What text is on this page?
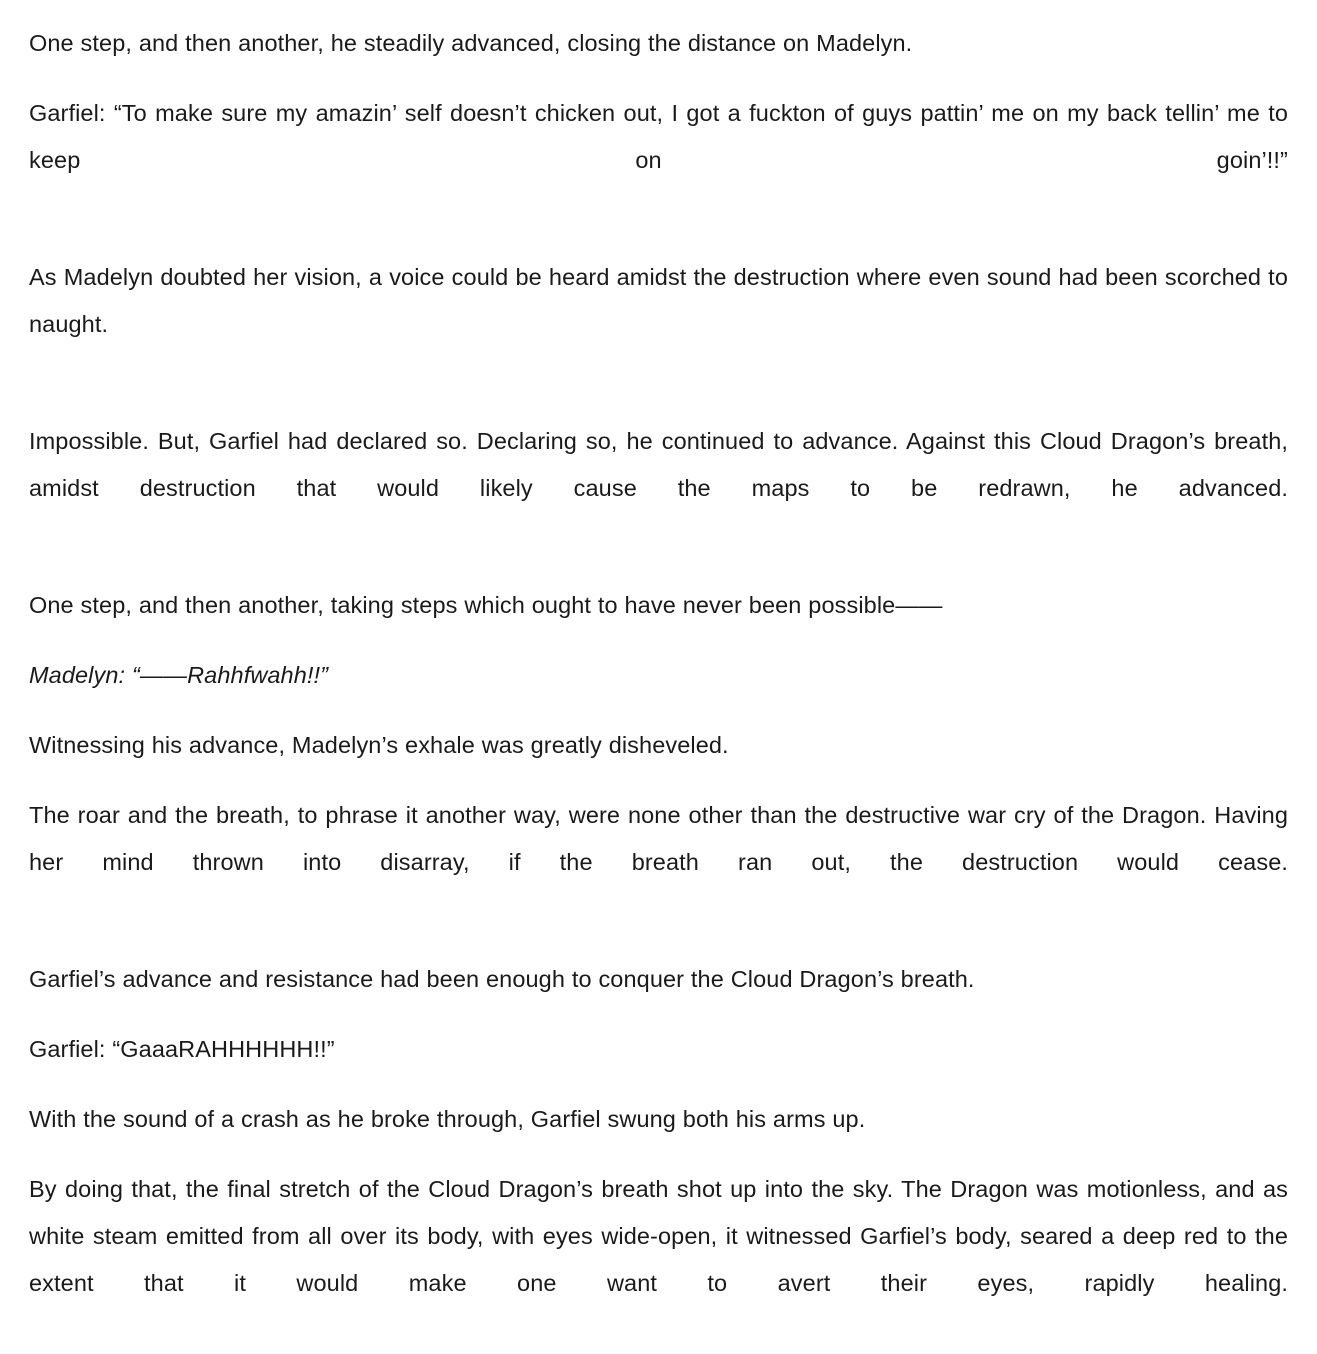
One step, and then another, he steadily advanced, closing the distance on Madelyn.

Garfiel: “To make sure my amazin’ self doesn’t chicken out, I got a fuckton of guys pattin’ me on my back tellin’ me to keep on goin’!!”

As Madelyn doubted her vision, a voice could be heard amidst the destruction where even sound had been scorched to naught.

Impossible. But, Garfiel had declared so. Declaring so, he continued to advance. Against this Cloud Dragon’s breath, amidst destruction that would likely cause the maps to be redrawn, he advanced.

One step, and then another, taking steps which ought to have never been possible――

Madelyn: “――Rahhfwahh!!”

Witnessing his advance, Madelyn’s exhale was greatly disheveled.

The roar and the breath, to phrase it another way, were none other than the destructive war cry of the Dragon. Having her mind thrown into disarray, if the breath ran out, the destruction would cease.

Garfiel’s advance and resistance had been enough to conquer the Cloud Dragon’s breath.

Garfiel: “GaaaRAHHHHHH!!”

With the sound of a crash as he broke through, Garfiel swung both his arms up.

By doing that, the final stretch of the Cloud Dragon’s breath shot up into the sky. The Dragon was motionless, and as white steam emitted from all over its body, with eyes wide-open, it witnessed Garfiel’s body, seared a deep red to the extent that it would make one want to avert their eyes, rapidly healing.
